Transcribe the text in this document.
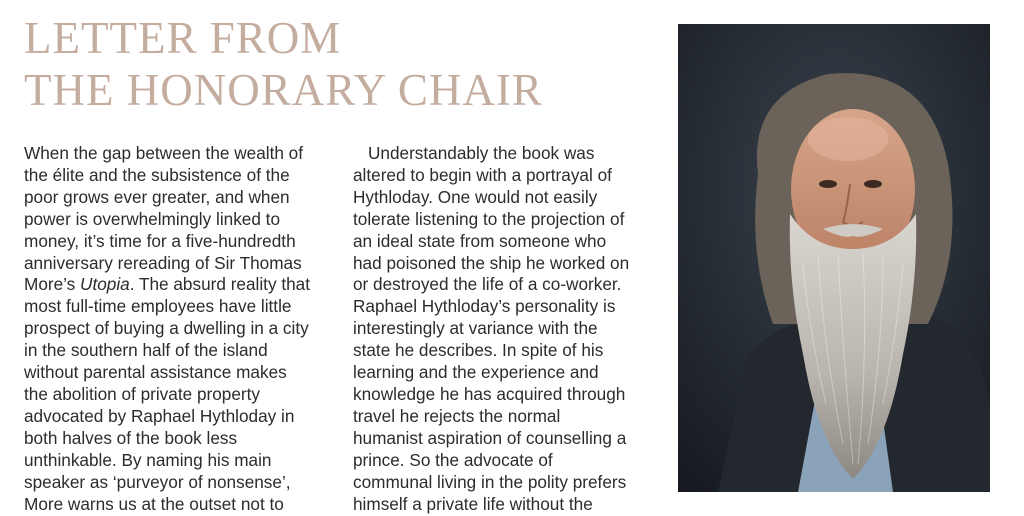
LETTER FROM
THE HONORARY CHAIR
When the gap between the wealth of
the élite and the subsistence of the
poor grows ever greater, and when
power is overwhelmingly linked to
money, it’s time for a five-hundredth
anniversary rereading of Sir Thomas
More’s Utopia. The absurd reality that
most full-time employees have little
prospect of buying a dwelling in a city
in the southern half of the island
without parental assistance makes
the abolition of private property
advocated by Raphael Hythloday in
both halves of the book less
unthinkable. By naming his main
speaker as ‘purveyor of nonsense’,
More warns us at the outset not to
Understandably the book was
altered to begin with a portrayal of
Hythloday. One would not easily
tolerate listening to the projection of
an ideal state from someone who
had poisoned the ship he worked on
or destroyed the life of a co-worker.
Raphael Hythloday’s personality is
interestingly at variance with the
state he describes. In spite of his
learning and the experience and
knowledge he has acquired through
travel he rejects the normal
humanist aspiration of counselling a
prince. So the advocate of
communal living in the polity prefers
himself a private life without the
